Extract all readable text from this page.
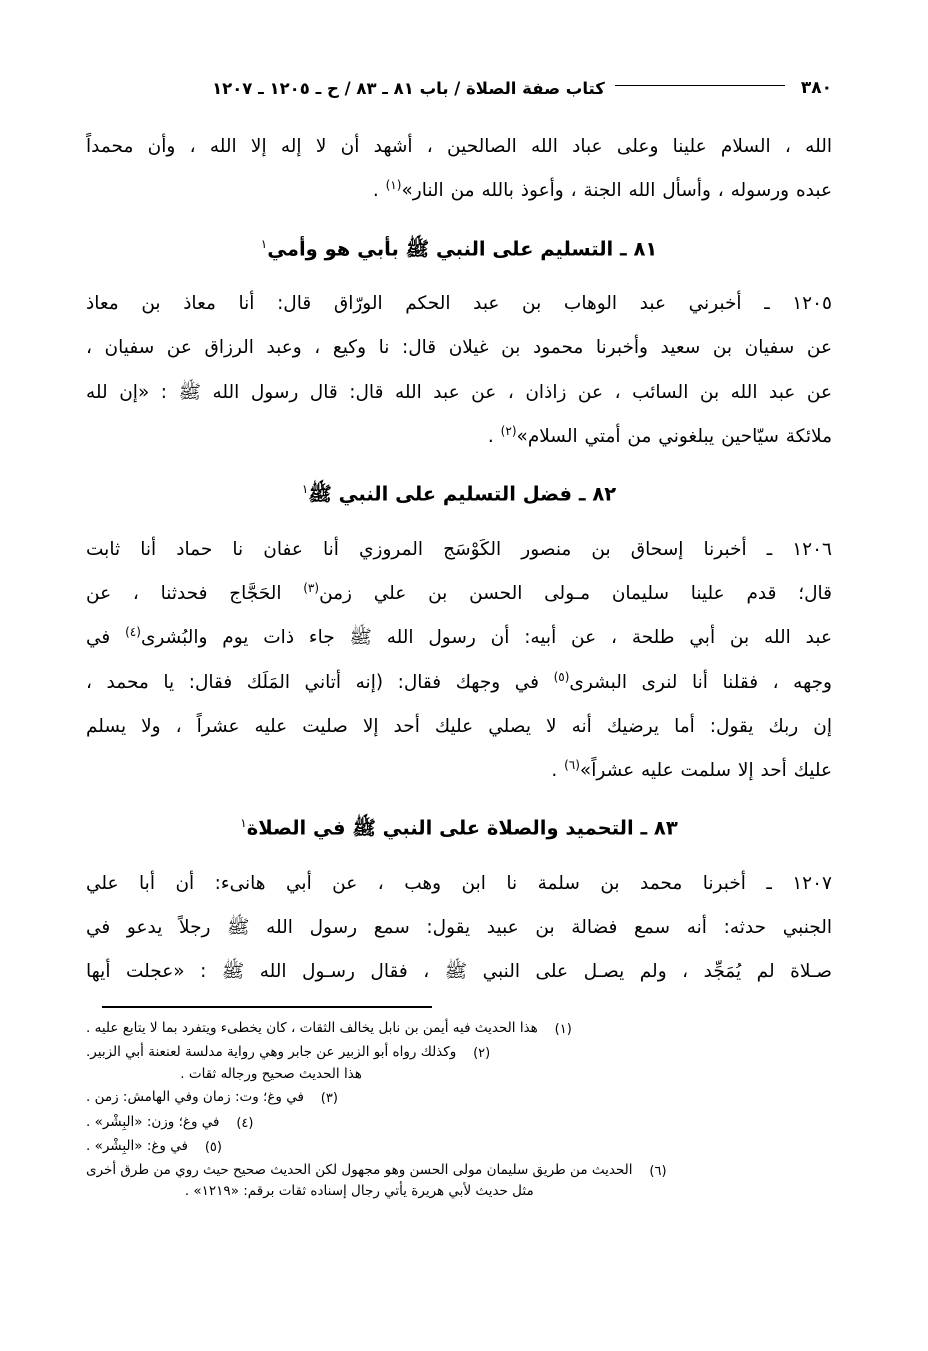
٣٨٠
كتاب صفة الصلاة / باب ٨١ ـ ٨٣ / ح ـ ١٢٠٥ ـ ١٢٠٧
الله ، السلام علينا وعلى عباد الله الصالحين ، أشهد أن لا إله إلا الله ، وأن محمداً
عبده ورسوله ، وأسأل الله الجنة ، وأعوذ بالله من النار»$^{(١)}$ .
٨١ ـ التسليم على النبي ﷺ بأبي هو وأمي$^١$
١٢٠٥ ـ أخبرني عبد الوهاب بن عبد الحكم الورّاق قال: أنا معاذ بن معاذ
عن سفيان بن سعيد وأخبرنا محمود بن غيلان قال: نا وكيع ، وعبد الرزاق عن سفيان ،
عن عبد الله بن السائب ، عن زاذان ، عن عبد الله قال: قال رسول الله ﷺ : «إن لله
ملائكة سيّاحين يبلغوني من أمتي السلام»$^{(٢)}$ .
٨٢ ـ فضل التسليم على النبي ﷺ$^١$
١٢٠٦ ـ أخبرنا إسحاق بن منصور الكَوْسَج المروزي أنا عفان نا حماد أنا ثابت
قال؛ قدم علينا سليمان مـولى الحسن بن علي زمن$^{(٣)}$ الحَجَّاج فحدثنا ، عن
عبد الله بن أبي طلحة ، عن أبيه: أن رسول الله ﷺ جاء ذات يوم والبُشرى$^{(٤)}$ في
وجهه ، فقلنا أنا لنرى البشرى$^{(٥)}$ في وجهك فقال: (إنه أتاني المَلَك فقال: يا محمد ،
إن ربك يقول: أما يرضيك أنه لا يصلي عليك أحد إلا صليت عليه عشراً ، ولا يسلم
عليك أحد إلا سلمت عليه عشراً»$^{(٦)}$ .
٨٣ ـ التحميد والصلاة على النبي ﷺ في الصلاة$^١$
١٢٠٧ ـ أخبرنا محمد بن سلمة نا ابن وهب ، عن أبي هانىء: أن أبا علي
الجنبي حدثه: أنه سمع فضالة بن عبيد يقول: سمع رسول الله ﷺ رجلاً يدعو في
صـلاة لم يُمَجِّد ، ولم يصـل على النبي ﷺ ، فقال رسـول الله ﷺ : «عجلت أيها
(١)
هذا الحديث فيه أيمن بن نابل يخالف الثقات ، كان يخطىء ويتفرد بما لا يتابع عليه .
(٢)
وكذلك رواه أبو الزبير عن جابر وهي رواية مدلسة لعنعنة أبي الزبير.
هذا الحديث صحيح ورجاله ثقات .
(٣)
في وغ؛ وت: زمان وفي الهامش: زمن .
(٤)
في وغ؛ وزن: «البِشْر» .
(٥)
في وغ: «البِشْر» .
(٦)
الحديث من طريق سليمان مولى الحسن وهو مجهول لكن الحديث صحيح حيث روي من طرق أخرى
مثل حديث لأبي هريرة يأتي رجال إسناده ثقات برقم: «١٢١٩» .
